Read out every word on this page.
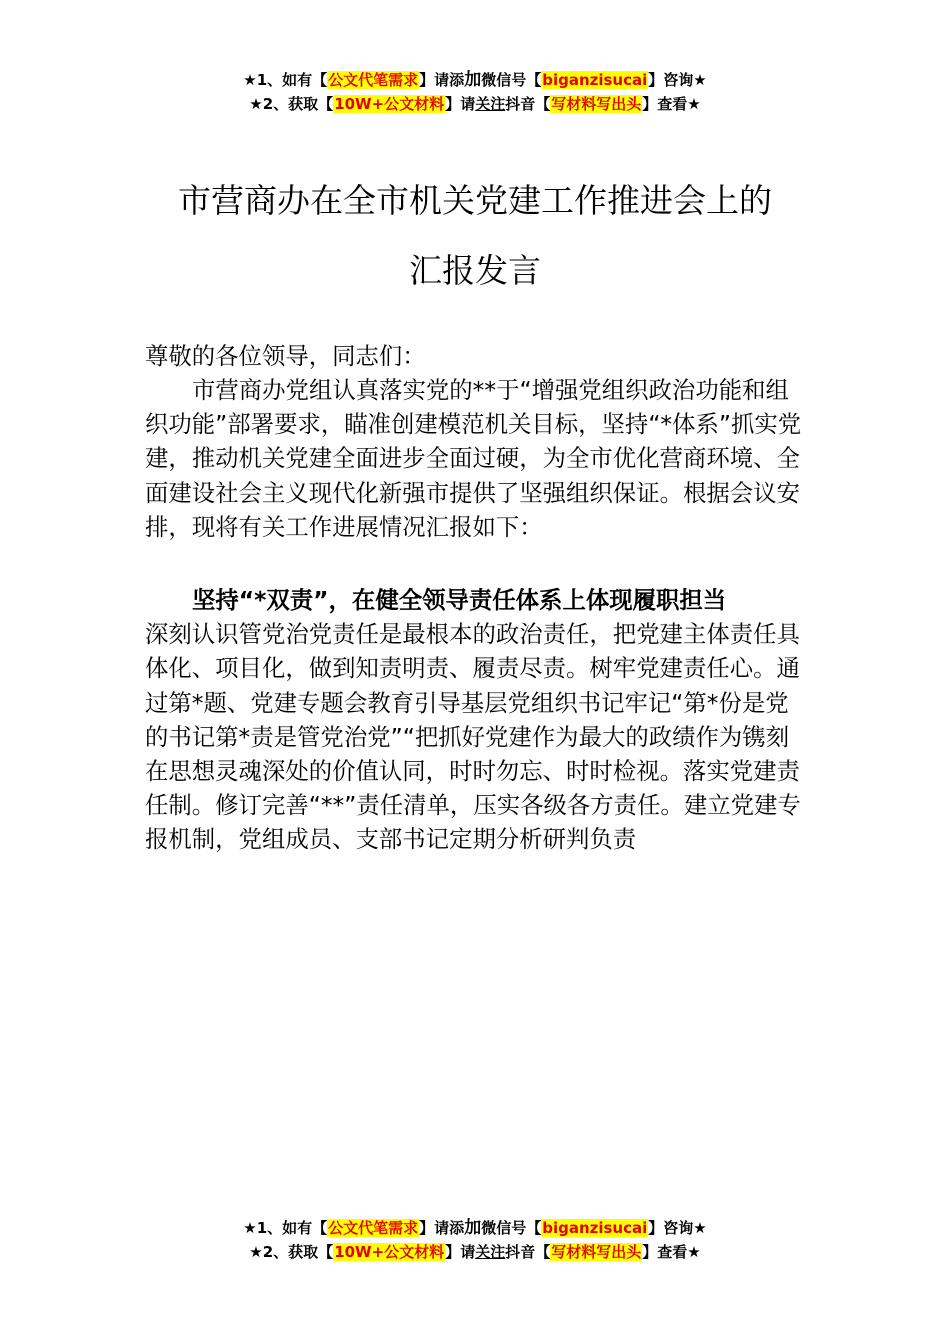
★1、如有【公文代笔需求】请添加微信号【biganzisucai】咨询★
★2、获取【10W+公文材料】请关注抖音【写材料写出头】查看★
市营商办在全市机关党建工作推进会上的
汇报发言
尊敬的各位领导，同志们：

市营商办党组认真落实党的**于“增强党组织政治功能和组织功能”部署要求，瞄准创建模范机关目标，坚持“*体系”抓实党建，推动机关党建全面进步全面过硬，为全市优化营商环境、全面建设社会主义现代化新强市提供了坚强组织保证。根据会议安排，现将有关工作进展情况汇报如下：

坚持“*双责”，在健全领导责任体系上体现履职担当

深刻认识管党治党责任是最根本的政治责任，把党建主体责任具体化、项目化，做到知责明责、履责尽责。树牢党建责任心。通过第*题、党建专题会教育引导基层党组织书记牢记“第*份是党的书记第*责是管党治党”“把抓好党建作为最大的政绩作为镌刻在思想灵魂深处的价值认同，时时勿忘、时时检视。落实党建责任制。修订完善“**”责任清单，压实各级各方责任。建立党建专报机制，党组成员、支部书记定期分析研判负责

★1、如有【公文代笔需求】请添加微信号【biganzisucai】咨询★
★2、获取【10W+公文材料】请关注抖音【写材料写出头】查看★
